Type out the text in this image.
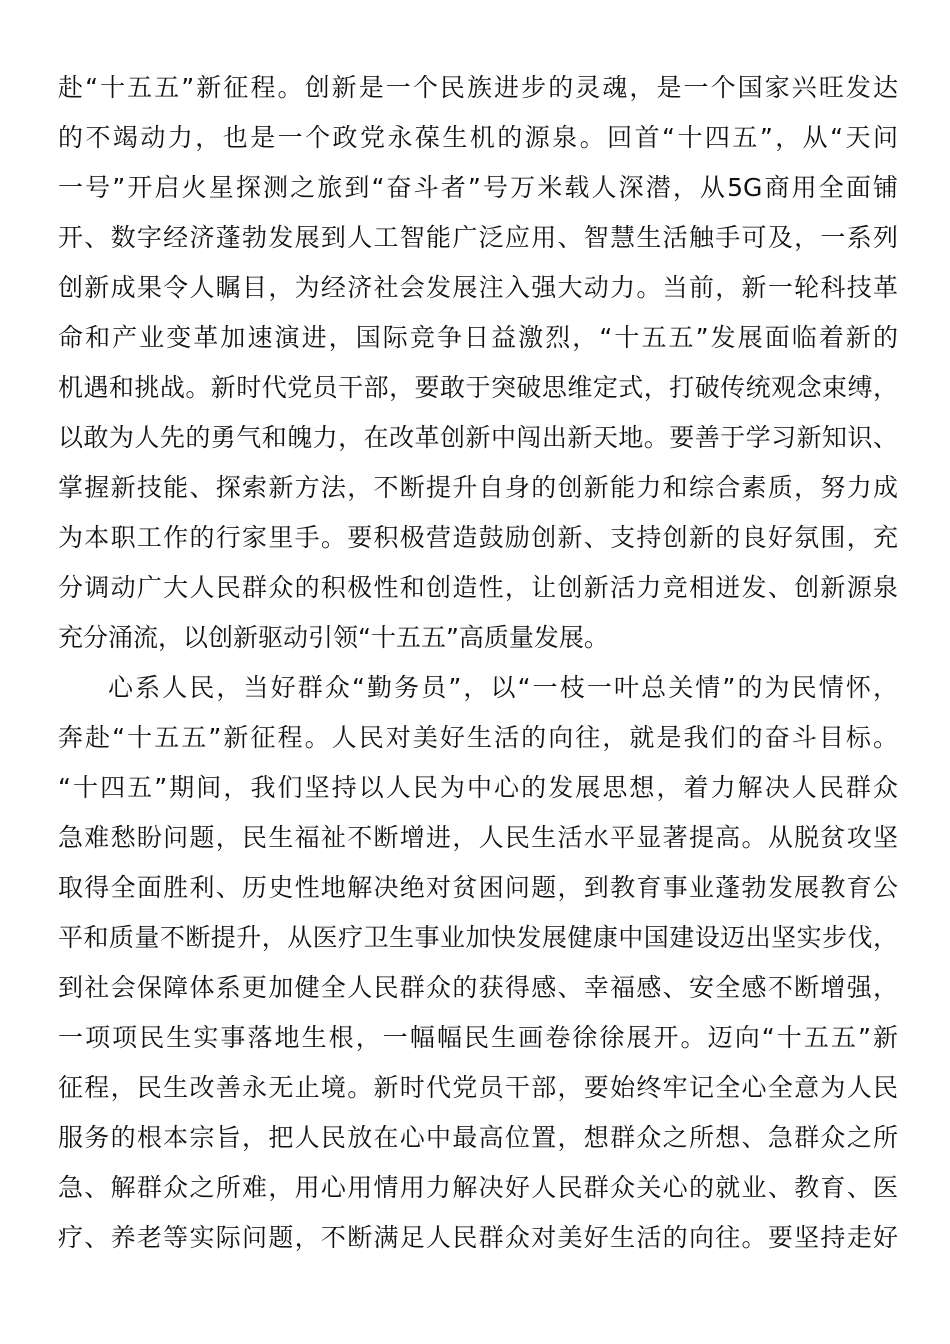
赴“十五五”新征程。创新是一个民族进步的灵魂，是一个国家兴旺发达
的不竭动力，也是一个政党永葆生机的源泉。回首“十四五”，从“天问
一号”开启火星探测之旅到“奋斗者”号万米载人深潜，从5G商用全面铺
开、数字经济蓬勃发展到人工智能广泛应用、智慧生活触手可及，一系列
创新成果令人瞩目，为经济社会发展注入强大动力。当前，新一轮科技革
命和产业变革加速演进，国际竞争日益激烈，“十五五”发展面临着新的
机遇和挑战。新时代党员干部，要敢于突破思维定式，打破传统观念束缚，
以敢为人先的勇气和魄力，在改革创新中闯出新天地。要善于学习新知识、
掌握新技能、探索新方法，不断提升自身的创新能力和综合素质，努力成
为本职工作的行家里手。要积极营造鼓励创新、支持创新的良好氛围，充
分调动广大人民群众的积极性和创造性，让创新活力竞相迸发、创新源泉
充分涌流，以创新驱动引领“十五五”高质量发展。
心系人民，当好群众“勤务员”，以“一枝一叶总关情”的为民情怀，
奔赴“十五五”新征程。人民对美好生活的向往，就是我们的奋斗目标。
“十四五”期间，我们坚持以人民为中心的发展思想，着力解决人民群众
急难愁盼问题，民生福祉不断增进，人民生活水平显著提高。从脱贫攻坚
取得全面胜利、历史性地解决绝对贫困问题，到教育事业蓬勃发展教育公
平和质量不断提升，从医疗卫生事业加快发展健康中国建设迈出坚实步伐，
到社会保障体系更加健全人民群众的获得感、幸福感、安全感不断增强，
一项项民生实事落地生根，一幅幅民生画卷徐徐展开。迈向“十五五”新
征程，民生改善永无止境。新时代党员干部，要始终牢记全心全意为人民
服务的根本宗旨，把人民放在心中最高位置，想群众之所想、急群众之所
急、解群众之所难，用心用情用力解决好人民群众关心的就业、教育、医
疗、养老等实际问题，不断满足人民群众对美好生活的向往。要坚持走好
